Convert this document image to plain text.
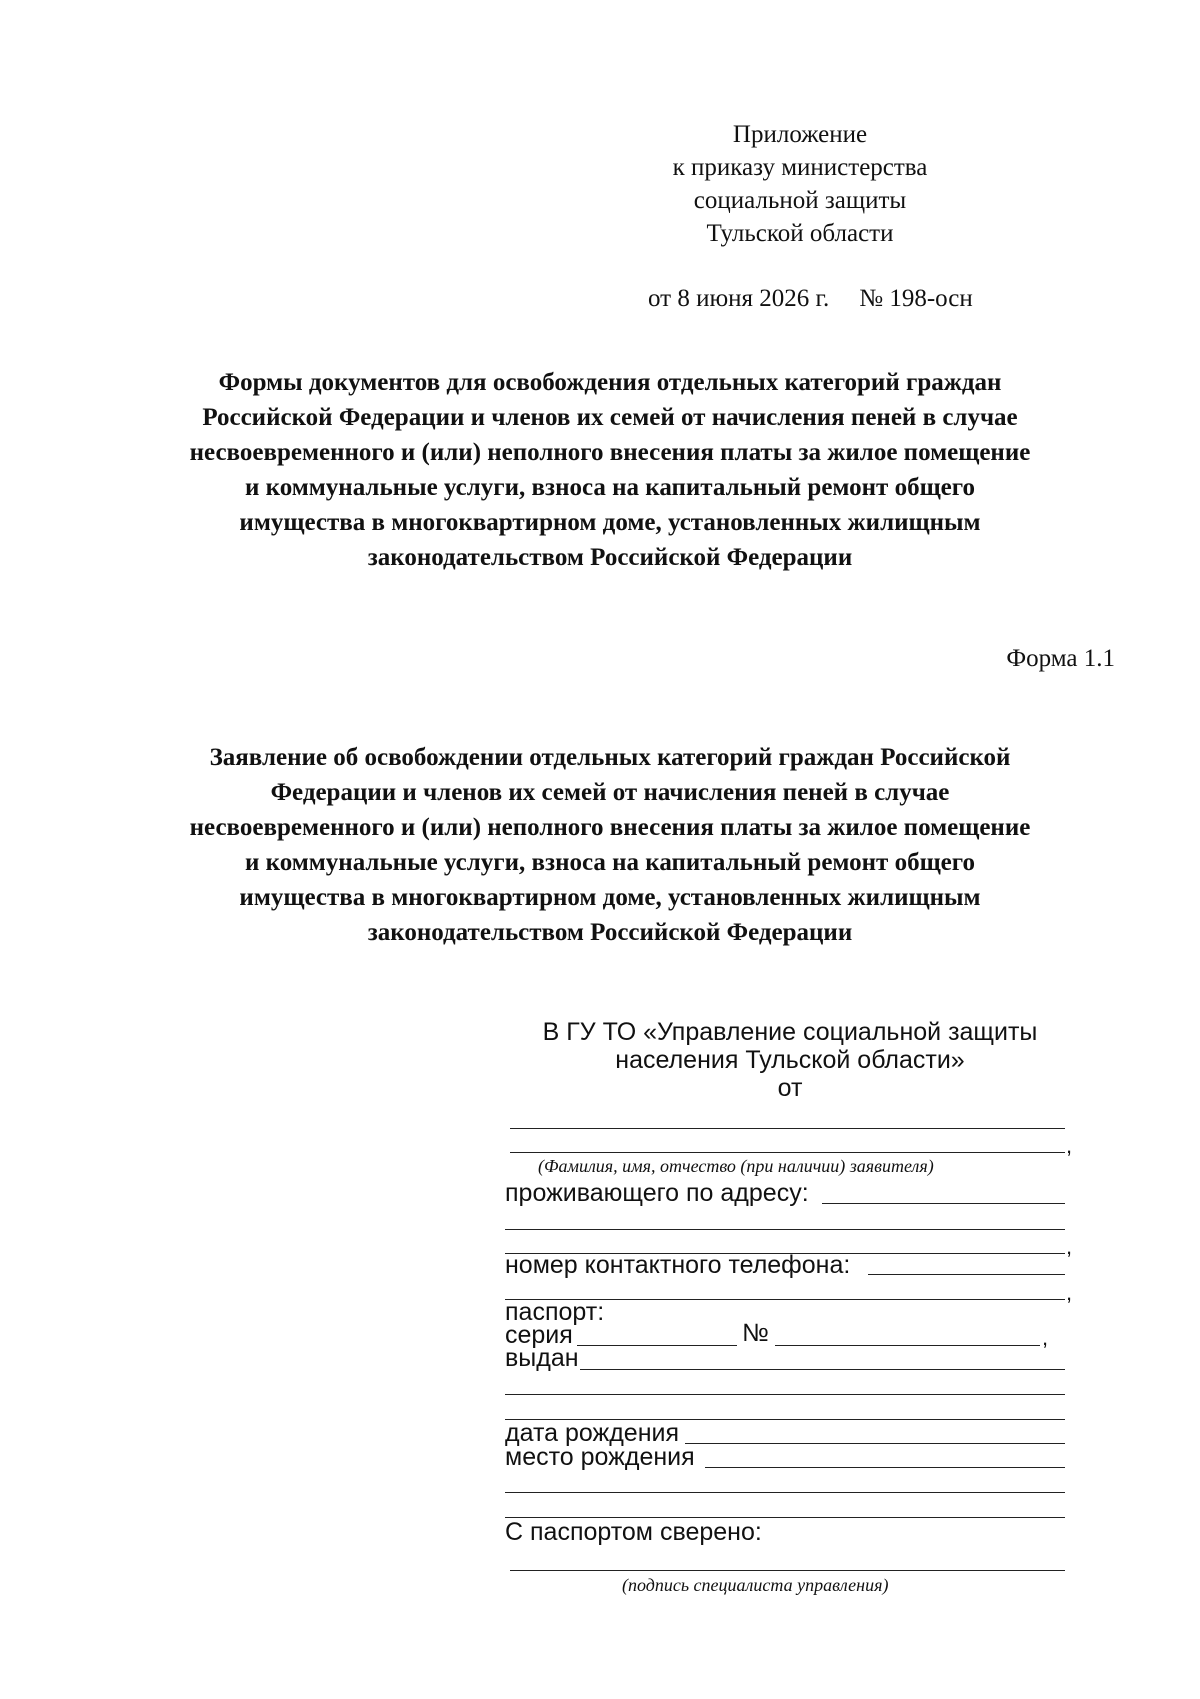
Приложение
к приказу министерства
социальной защиты
Тульской области
от 8 июня 2026 г. № 198-осн
Формы документов для освобождения отдельных категорий граждан
Российской Федерации и членов их семей от начисления пеней в случае
несвоевременного и (или) неполного внесения платы за жилое помещение
и коммунальные услуги, взноса на капитальный ремонт общего
имущества в многоквартирном доме, установленных жилищным
законодательством Российской Федерации
Форма 1.1
Заявление об освобождении отдельных категорий граждан Российской
Федерации и членов их семей от начисления пеней в случае
несвоевременного и (или) неполного внесения платы за жилое помещение
и коммунальные услуги, взноса на капитальный ремонт общего
имущества в многоквартирном доме, установленных жилищным
законодательством Российской Федерации
В ГУ ТО «Управление социальной защиты
населения Тульской области»
от
,
(Фамилия, имя, отчество (при наличии) заявителя)
проживающего по адресу:
,
номер контактного телефона:
,
паспорт:
серия	№	,
выдан
дата рождения
место рождения
С паспортом сверено:
(подпись специалиста управления)
